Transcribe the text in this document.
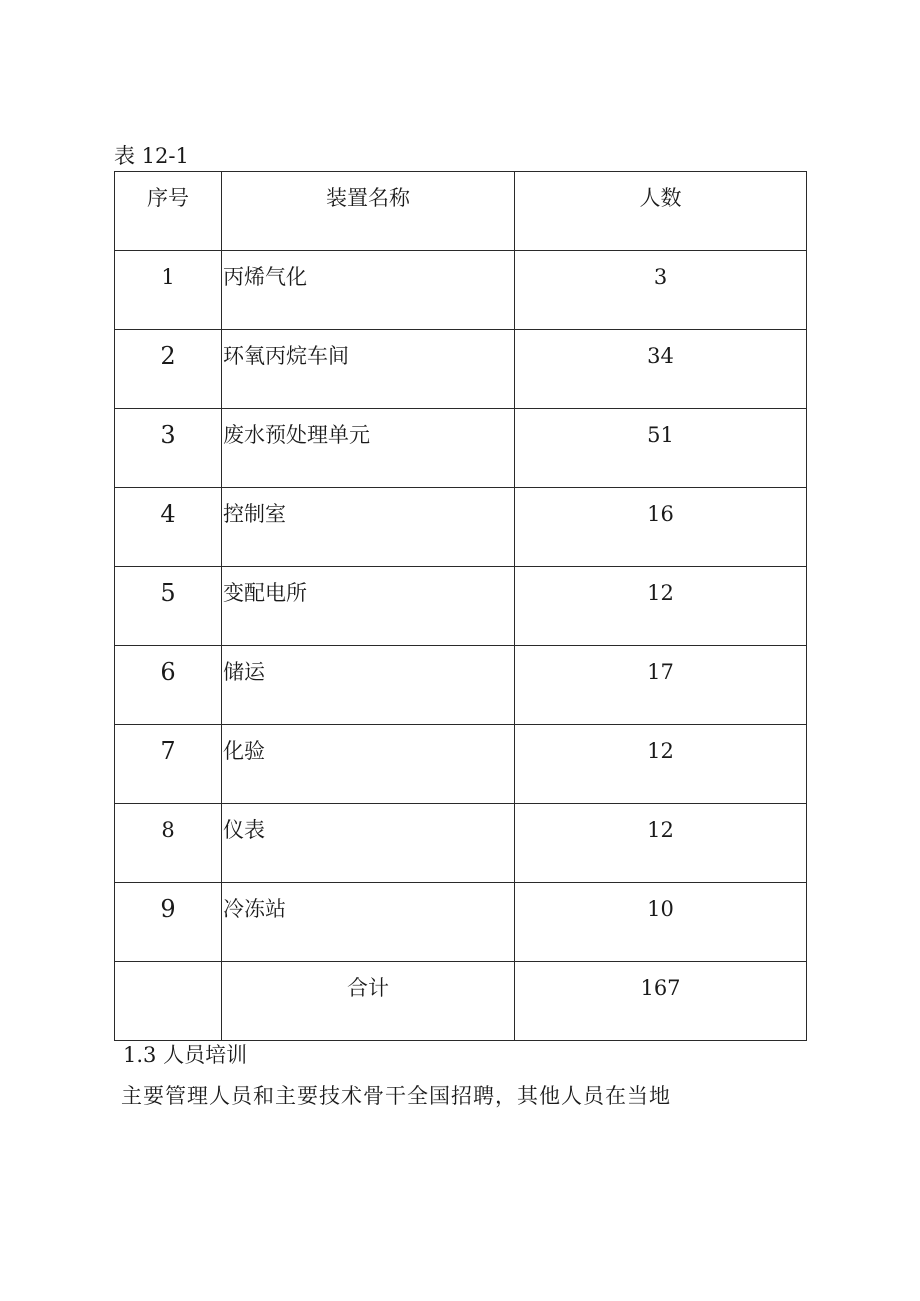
表 12-1
序号	装置名称	人数

1	丙烯气化	3

2	环氧丙烷车间	34

3	废水预处理单元	51

4	控制室	16

5	变配电所	12

6	储运	17

7	化验	12

8	仪表	12

9	冷冻站	10

	合计	167
1.3 人员培训
主要管理人员和主要技术骨干全国招聘，其他人员在当地
